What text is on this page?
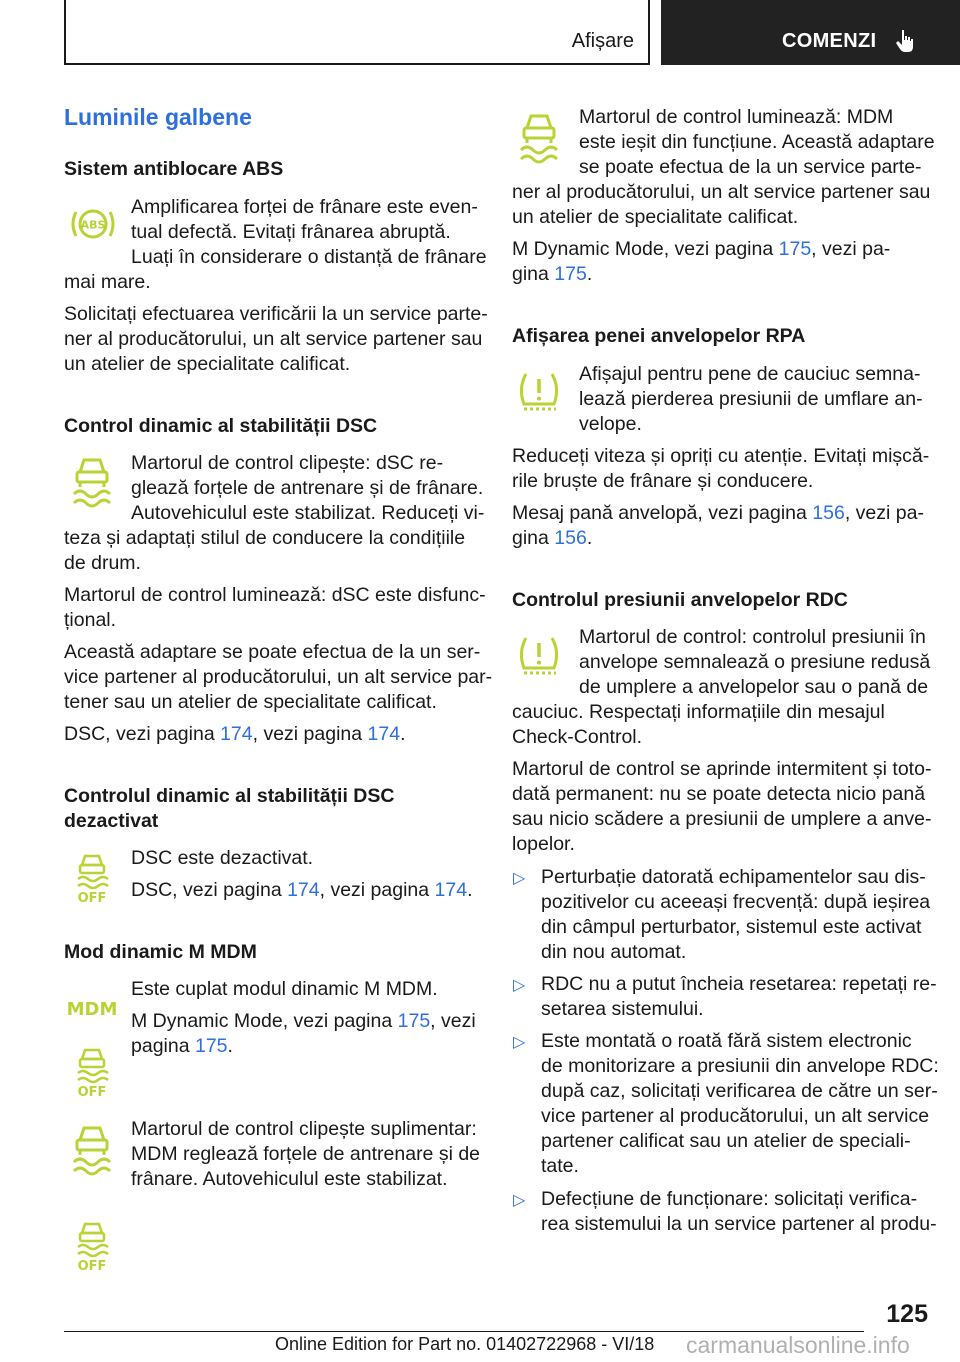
Afișare	COMENZI
Luminile galbene
Sistem antiblocare ABS
ABS
Amplificarea forței de frânare este even‐
tual defectă. Evitați frânarea abruptă.
Luați în considerare o distanță de frânare
mai mare.
Solicitați efectuarea verificării la un service parte‐
ner al producătorului, un alt service partener sau
un atelier de specialitate calificat.
Control dinamic al stabilității DSC
Martorul de control clipește: dSC re‐
glează forțele de antrenare și de frânare.
Autovehiculul este stabilizat. Reduceți vi‐
teza și adaptați stilul de conducere la condițiile
de drum.
Martorul de control luminează: dSC este disfunc‐
țional.
Această adaptare se poate efectua de la un ser‐
vice partener al producătorului, un alt service par‐
tener sau un atelier de specialitate calificat.
DSC, vezi pagina 174, vezi pagina 174.
Controlul dinamic al stabilității DSC
dezactivat
OFF
DSC este dezactivat.
DSC, vezi pagina 174, vezi pagina 174.
Mod dinamic M MDM
MDM
OFF
Este cuplat modul dinamic M MDM.
M Dynamic Mode, vezi pagina 175, vezi
pagina 175.
Martorul de control clipește suplimentar:
MDM reglează forțele de antrenare și de
frânare. Autovehiculul este stabilizat.
OFF
Martorul de control luminează: MDM
este ieșit din funcțiune. Această adaptare
se poate efectua de la un service parte‐
ner al producătorului, un alt service partener sau
un atelier de specialitate calificat.
M Dynamic Mode, vezi pagina 175, vezi pa‐
gina 175.
Afișarea penei anvelopelor RPA
Afișajul pentru pene de cauciuc semna‐
lează pierderea presiunii de umflare an‐
velope.
Reduceți viteza și opriți cu atenție. Evitați mișcă‐
rile bruște de frânare și conducere.
Mesaj pană anvelopă, vezi pagina 156, vezi pa‐
gina 156.
Controlul presiunii anvelopelor RDC
Martorul de control: controlul presiunii în
anvelope semnalează o presiune redusă
de umplere a anvelopelor sau o pană de
cauciuc. Respectați informațiile din mesajul
Check-Control.
Martorul de control se aprinde intermitent și toto‐
dată permanent: nu se poate detecta nicio pană
sau nicio scădere a presiunii de umplere a anve‐
lopelor.
▷ Perturbație datorată echipamentelor sau dis‐
pozitivelor cu aceeași frecvență: după ieșirea
din câmpul perturbator, sistemul este activat
din nou automat.
▷ RDC nu a putut încheia resetarea: repetați re‐
setarea sistemului.
▷ Este montată o roată fără sistem electronic
de monitorizare a presiunii din anvelope RDC:
după caz, solicitați verificarea de către un ser‐
vice partener al producătorului, un alt service
partener calificat sau un atelier de speciali‐
tate.
▷ Defecțiune de funcționare: solicitați verifica‐
rea sistemului la un service partener al produ‐
125
Online Edition for Part no. 01402722968 - VI/18 carmanualsonline.info
